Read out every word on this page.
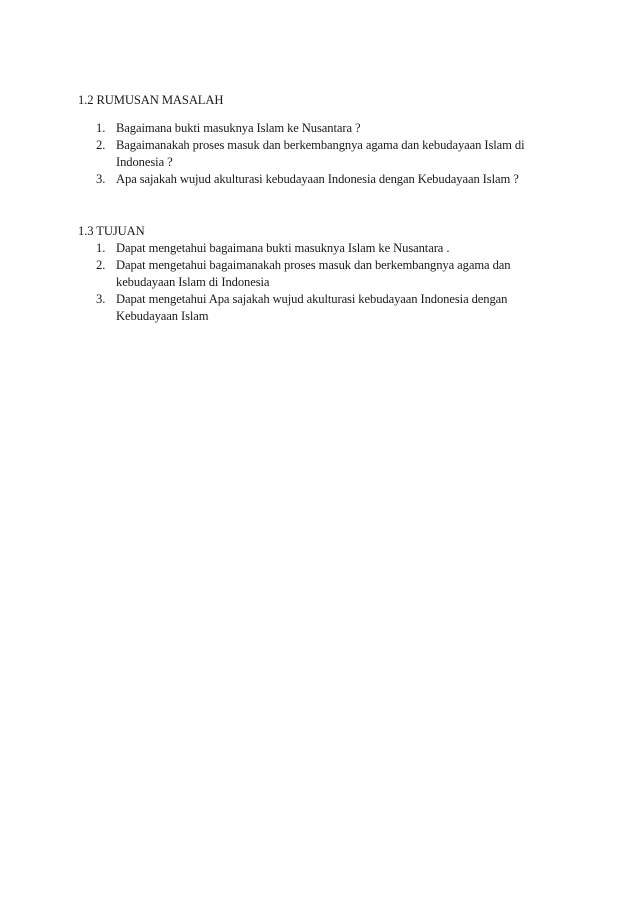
1.2 RUMUSAN MASALAH
1. Bagaimana bukti masuknya Islam ke Nusantara ?
2. Bagaimanakah proses masuk dan berkembangnya agama dan kebudayaan Islam di Indonesia ?
3. Apa sajakah wujud akulturasi kebudayaan Indonesia dengan Kebudayaan Islam ?
1.3 TUJUAN
1. Dapat mengetahui bagaimana bukti masuknya Islam ke Nusantara .
2. Dapat mengetahui bagaimanakah proses masuk dan berkembangnya agama dan kebudayaan Islam di Indonesia
3. Dapat mengetahui Apa sajakah wujud akulturasi kebudayaan Indonesia dengan Kebudayaan Islam
